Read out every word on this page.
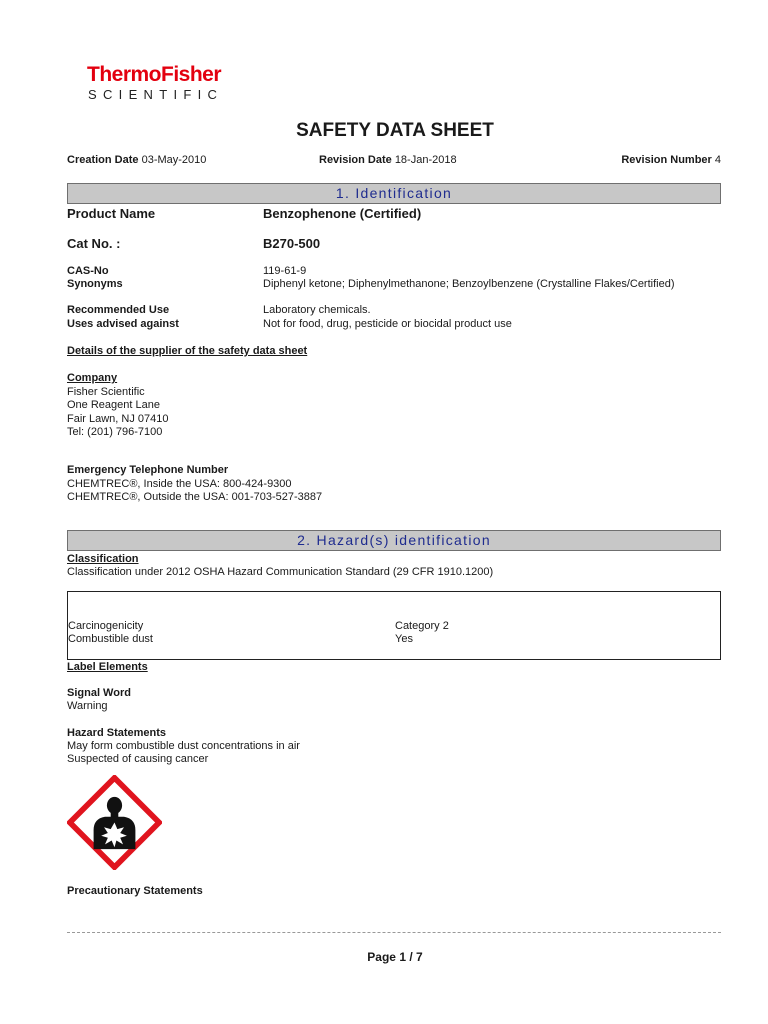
ThermoFisher
SCIENTIFIC
SAFETY DATA SHEET
Creation Date 03-May-2010	Revision Date 18-Jan-2018	Revision Number 4
1. Identification
Product Name	Benzophenone (Certified)
Cat No. :	B270-500
CAS-No	119-61-9
Synonyms	Diphenyl ketone; Diphenylmethanone; Benzoylbenzene (Crystalline Flakes/Certified)
Recommended Use	Laboratory chemicals.
Uses advised against	Not for food, drug, pesticide or biocidal product use
Details of the supplier of the safety data sheet
Company
Fisher Scientific
One Reagent Lane
Fair Lawn, NJ 07410
Tel: (201) 796-7100
Emergency Telephone Number
CHEMTREC®, Inside the USA: 800-424-9300
CHEMTREC®, Outside the USA: 001-703-527-3887
2. Hazard(s) identification
Classification
Classification under 2012 OSHA Hazard Communication Standard (29 CFR 1910.1200)
Carcinogenicity	Category 2
Combustible dust	Yes
Label Elements
Signal Word
Warning
Hazard Statements
May form combustible dust concentrations in air
Suspected of causing cancer
Precautionary Statements
Page 1 / 7
